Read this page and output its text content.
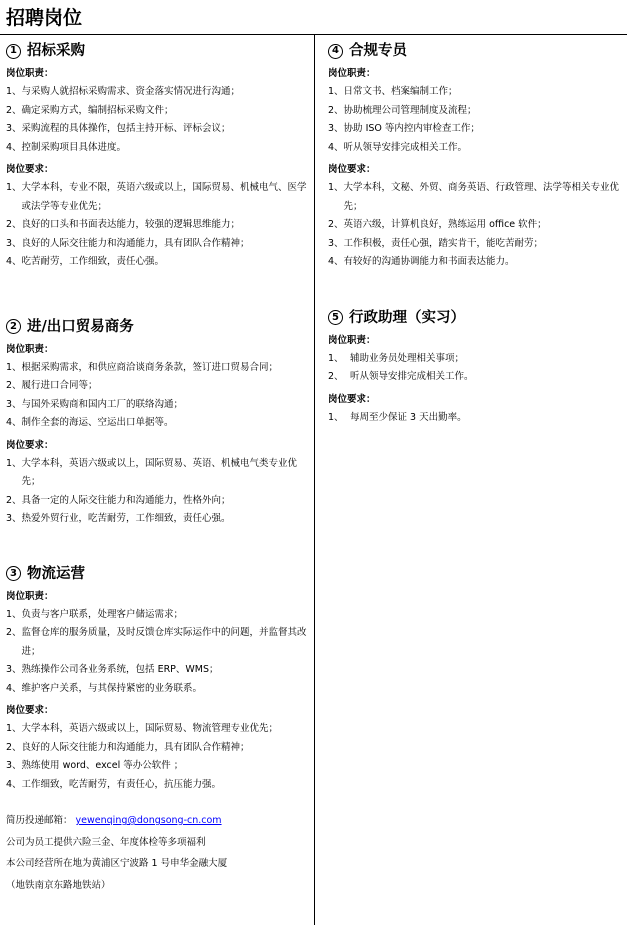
招聘岗位
1 招标采购
岗位职责：
1、 与采购人就招标采购需求、资金落实情况进行沟通；
2、 确定采购方式，编制招标采购文件；
3、 采购流程的具体操作，包括主持开标、评标会议；
4、 控制采购项目具体进度。
岗位要求：
1、 大学本科，专业不限，英语六级或以上，国际贸易、机械电气、医学或法学等专业优先；
2、 良好的口头和书面表达能力，较强的逻辑思维能力；
3、 良好的人际交往能力和沟通能力，具有团队合作精神；
4、 吃苦耐劳，工作细致，责任心强。
2 进/出口贸易商务
岗位职责：
1、 根据采购需求，和供应商洽谈商务条款，签订进口贸易合同；
2、 履行进口合同等；
3、 与国外采购商和国内工厂的联络沟通；
4、 制作全套的海运、空运出口单据等。
岗位要求：
1、 大学本科，英语六级或以上，国际贸易、英语、机械电气类专业优先；
2、 具备一定的人际交往能力和沟通能力，性格外向；
3、 热爱外贸行业，吃苦耐劳，工作细致，责任心强。
3 物流运营
岗位职责：
1、 负责与客户联系，处理客户储运需求；
2、 监督仓库的服务质量，及时反馈仓库实际运作中的问题，并监督其改进；
3、 熟练操作公司各业务系统，包括 ERP、WMS；
4、 维护客户关系，与其保持紧密的业务联系。
岗位要求：
1、 大学本科，英语六级或以上，国际贸易、物流管理专业优先；
2、 良好的人际交往能力和沟通能力，具有团队合作精神；
3、 熟练使用 word、excel 等办公软件 ；
4、 工作细致，吃苦耐劳，有责任心，抗压能力强。
4 合规专员
岗位职责：
1、 日常文书、档案编制工作；
2、 协助梳理公司管理制度及流程；
3、 协助 ISO 等内控内审检查工作；
4、 听从领导安排完成相关工作。
岗位要求：
1、 大学本科，文秘、外贸、商务英语、行政管理、法学等相关专业优先；
2、 英语六级，计算机良好，熟练运用 office 软件；
3、 工作积极，责任心强，踏实肯干，能吃苦耐劳；
4、 有较好的沟通协调能力和书面表达能力。
5 行政助理（实习）
岗位职责：
1、 辅助业务员处理相关事项；
2、 听从领导安排完成相关工作。
岗位要求：
1、 每周至少保证 3 天出勤率。
简历投递邮箱： yewenqing@dongsong-cn.com
公司为员工提供六险三金、年度体检等多项福利
本公司经营所在地为黄浦区宁波路 1 号申华金融大厦
（地铁南京东路地铁站）
